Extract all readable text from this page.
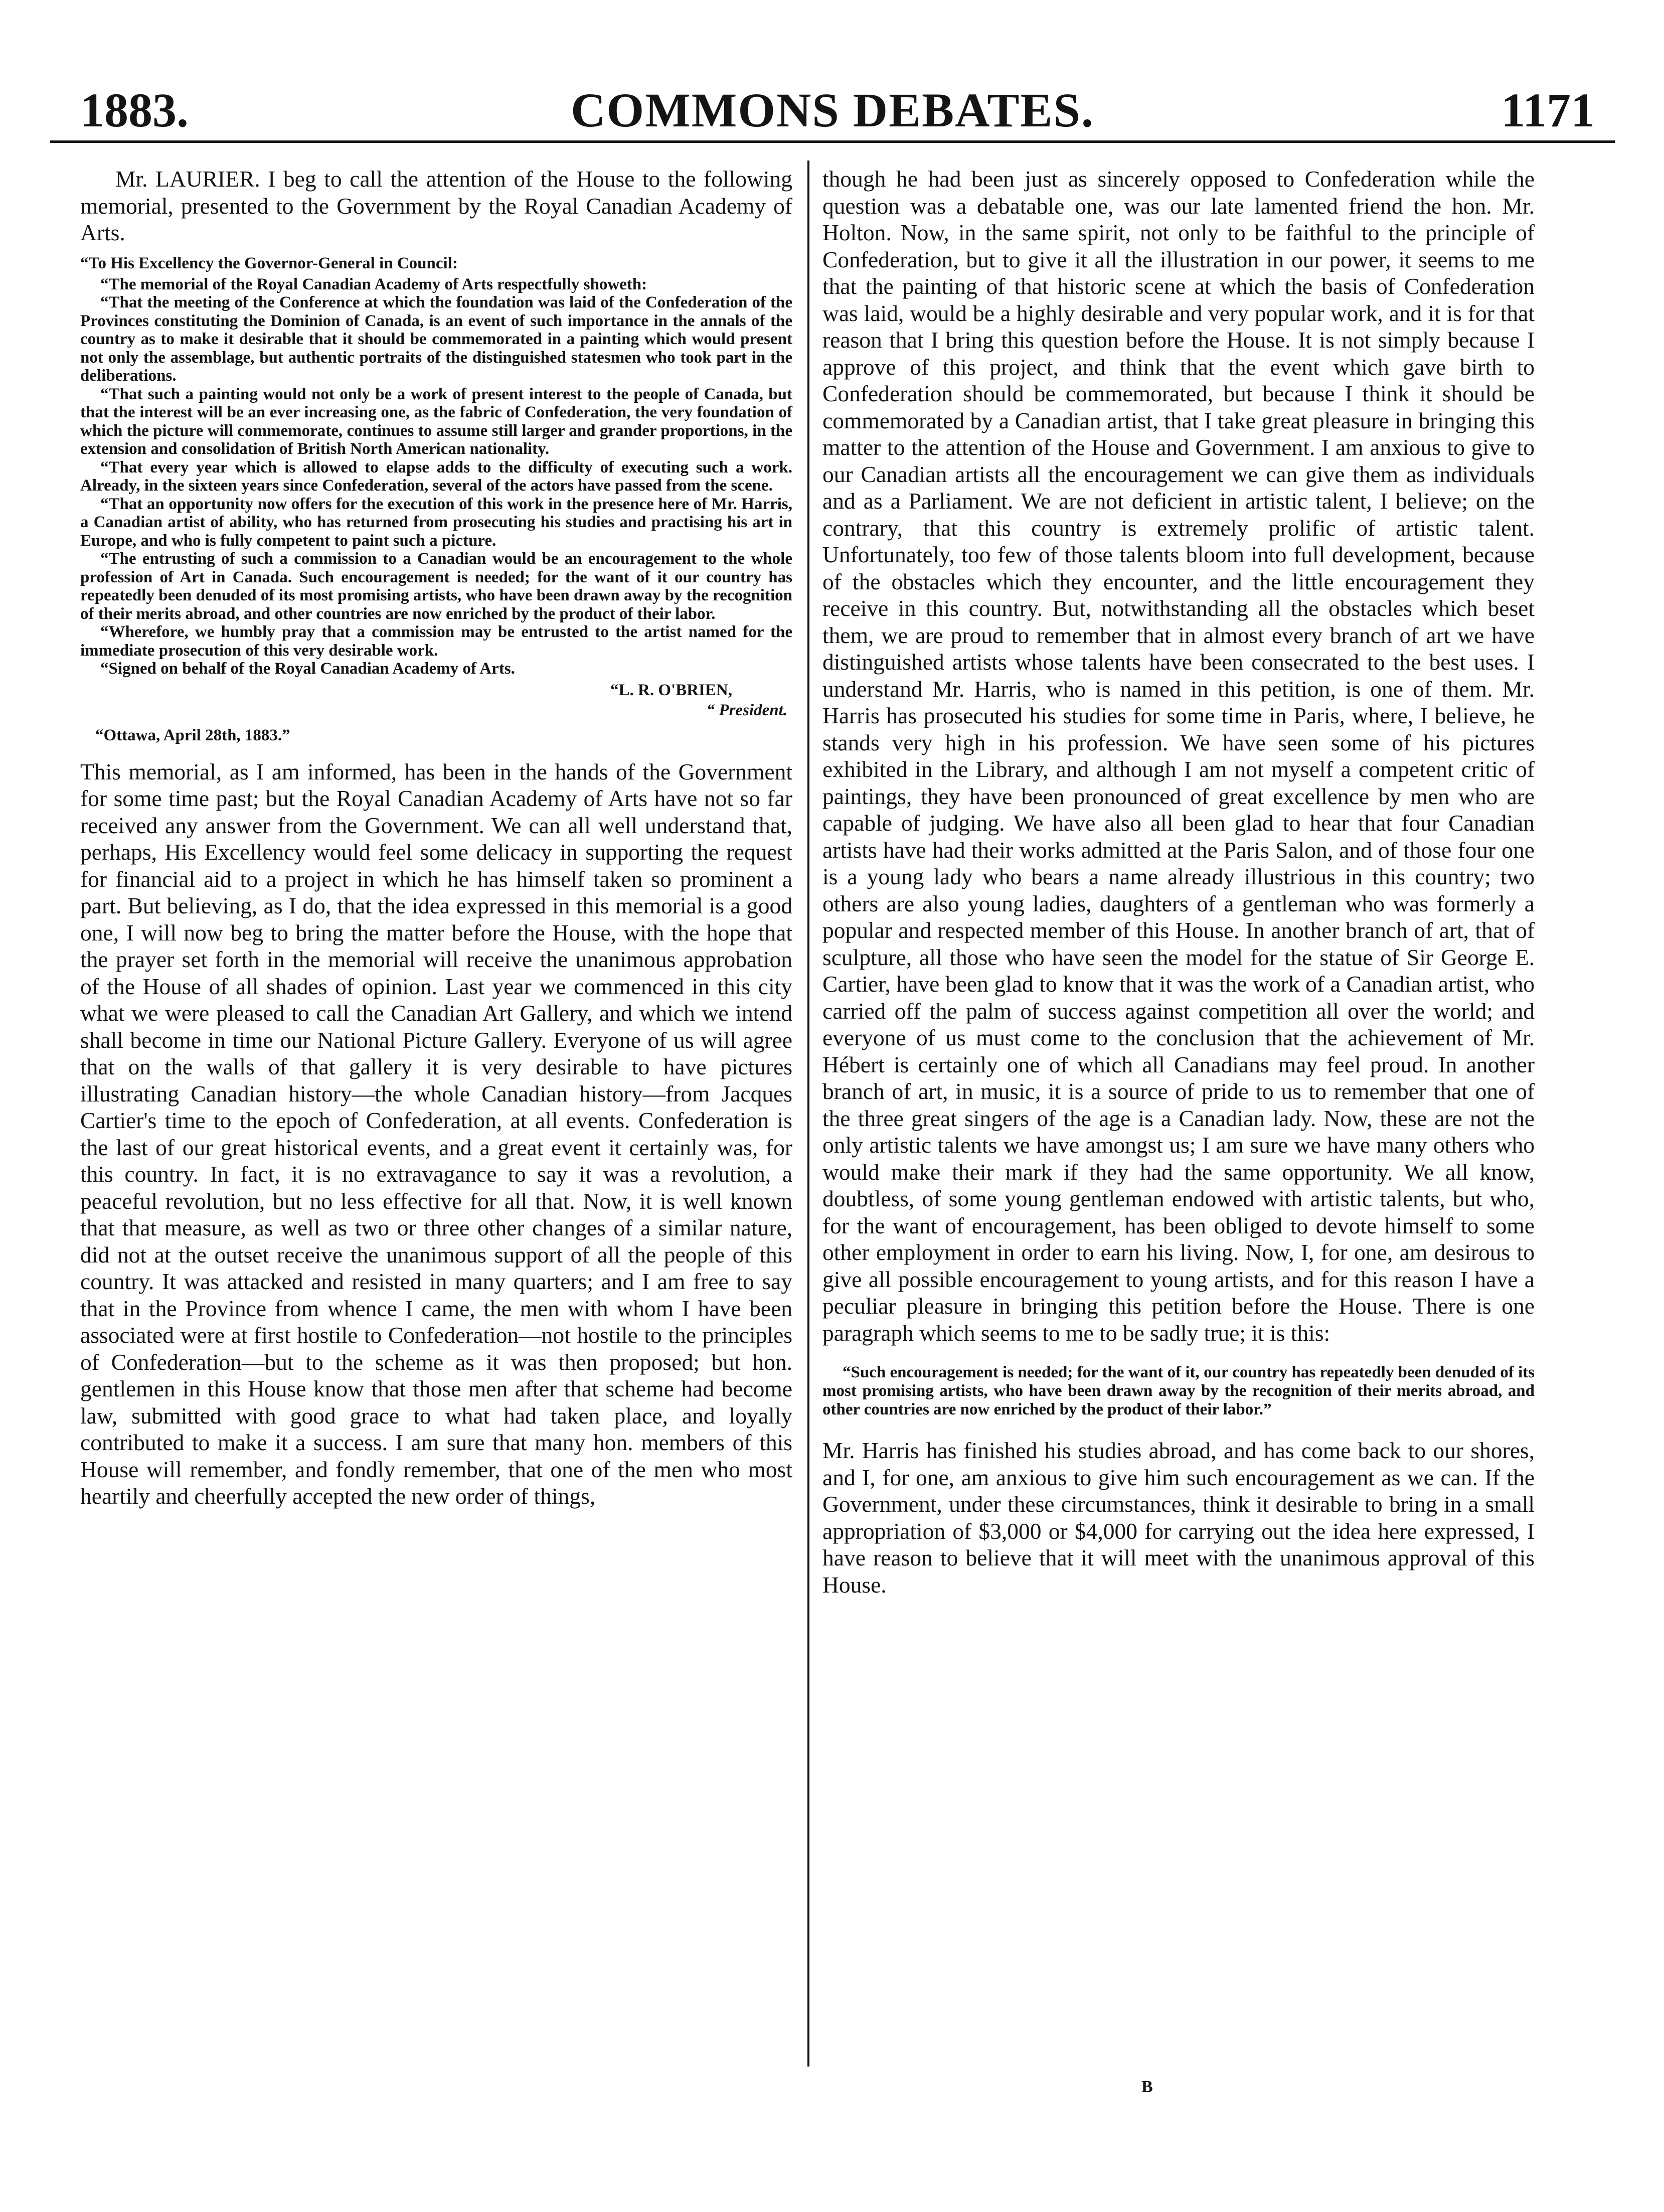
COMMONS DEBATES.
1883.	1171

Mr. LAURIER. I beg to call the attention of the House to the following memorial, presented to the Government by the Royal Canadian Academy of Arts.

“To His Excellency the Governor-General in Council:

“The memorial of the Royal Canadian Academy of Arts respectfully showeth:

“That the meeting of the Conference at which the foundation was laid of the Confederation of the Provinces constituting the Dominion of Canada, is an event of such importance in the annals of the country as to make it desirable that it should be commemorated in a painting which would present not only the assemblage, but authentic portraits of the distinguished statesmen who took part in the deliberations.

“That such a painting would not only be a work of present interest to the people of Canada, but that the interest will be an ever increasing one, as the fabric of Confederation, the very foundation of which the picture will commemorate, continues to assume still larger and grander proportions, in the extension and consolidation of British North American nationality.

“That every year which is allowed to elapse adds to the difficulty of executing such a work. Already, in the sixteen years since Confederation, several of the actors have passed from the scene.

“That an opportunity now offers for the execution of this work in the presence here of Mr. Harris, a Canadian artist of ability, who has returned from prosecuting his studies and practising his art in Europe, and who is fully competent to paint such a picture.

“The entrusting of such a commission to a Canadian would be an encouragement to the whole profession of Art in Canada. Such encouragement is needed; for the want of it our country has repeatedly been denuded of its most promising artists, who have been drawn away by the recognition of their merits abroad, and other countries are now enriched by the product of their labor.

“Wherefore, we humbly pray that a commission may be entrusted to the artist named for the immediate prosecution of this very desirable work.

“Signed on behalf of the Royal Canadian Academy of Arts.

“L. R. O'BRIEN,

“ President.

“Ottawa, April 28th, 1883.”

This memorial, as I am informed, has been in the hands of the Government for some time past; but the Royal Canadian Academy of Arts have not so far received any answer from the Government. We can all well understand that, perhaps, His Excellency would feel some delicacy in supporting the request for financial aid to a project in which he has himself taken so prominent a part. But believing, as I do, that the idea expressed in this memorial is a good one, I will now beg to bring the matter before the House, with the hope that the prayer set forth in the memorial will receive the unanimous approbation of the House of all shades of opinion. Last year we commenced in this city what we were pleased to call the Canadian Art Gallery, and which we intend shall become in time our National Picture Gallery. Everyone of us will agree that on the walls of that gallery it is very desirable to have pictures illustrating Canadian history—the whole Canadian history—from Jacques Cartier's time to the epoch of Confederation, at all events. Confederation is the last of our great historical events, and a great event it certainly was, for this country. In fact, it is no extravagance to say it was a revolution, a peaceful revolution, but no less effective for all that. Now, it is well known that that measure, as well as two or three other changes of a similar nature, did not at the outset receive the unanimous support of all the people of this country. It was attacked and resisted in many quarters; and I am free to say that in the Province from whence I came, the men with whom I have been associated were at first hostile to Confederation—not hostile to the principles of Confederation—but to the scheme as it was then proposed; but hon. gentlemen in this House know that those men after that scheme had become law, submitted with good grace to what had taken place, and loyally contributed to make it a success. I am sure that many hon. members of this House will remember, and fondly remember, that one of the men who most heartily and cheerfully accepted the new order of things,

though he had been just as sincerely opposed to Confederation while the question was a debatable one, was our late lamented friend the hon. Mr. Holton. Now, in the same spirit, not only to be faithful to the principle of Confederation, but to give it all the illustration in our power, it seems to me that the painting of that historic scene at which the basis of Confederation was laid, would be a highly desirable and very popular work, and it is for that reason that I bring this question before the House. It is not simply because I approve of this project, and think that the event which gave birth to Confederation should be commemorated, but because I think it should be commemorated by a Canadian artist, that I take great pleasure in bringing this matter to the attention of the House and Government. I am anxious to give to our Canadian artists all the encouragement we can give them as individuals and as a Parliament. We are not deficient in artistic talent, I believe; on the contrary, that this country is extremely prolific of artistic talent. Unfortunately, too few of those talents bloom into full development, because of the obstacles which they encounter, and the little encouragement they receive in this country. But, notwithstanding all the obstacles which beset them, we are proud to remember that in almost every branch of art we have distinguished artists whose talents have been consecrated to the best uses. I understand Mr. Harris, who is named in this petition, is one of them. Mr. Harris has prosecuted his studies for some time in Paris, where, I believe, he stands very high in his profession. We have seen some of his pictures exhibited in the Library, and although I am not myself a competent critic of paintings, they have been pronounced of great excellence by men who are capable of judging. We have also all been glad to hear that four Canadian artists have had their works admitted at the Paris Salon, and of those four one is a young lady who bears a name already illustrious in this country; two others are also young ladies, daughters of a gentleman who was formerly a popular and respected member of this House. In another branch of art, that of sculpture, all those who have seen the model for the statue of Sir George E. Cartier, have been glad to know that it was the work of a Canadian artist, who carried off the palm of success against competition all over the world; and everyone of us must come to the conclusion that the achievement of Mr. Hébert is certainly one of which all Canadians may feel proud. In another branch of art, in music, it is a source of pride to us to remember that one of the three great singers of the age is a Canadian lady. Now, these are not the only artistic talents we have amongst us; I am sure we have many others who would make their mark if they had the same opportunity. We all know, doubtless, of some young gentleman endowed with artistic talents, but who, for the want of encouragement, has been obliged to devote himself to some other employment in order to earn his living. Now, I, for one, am desirous to give all possible encouragement to young artists, and for this reason I have a peculiar pleasure in bringing this petition before the House. There is one paragraph which seems to me to be sadly true; it is this:

“Such encouragement is needed; for the want of it, our country has repeatedly been denuded of its most promising artists, who have been drawn away by the recognition of their merits abroad, and other countries are now enriched by the product of their labor.”

Mr. Harris has finished his studies abroad, and has come back to our shores, and I, for one, am anxious to give him such encouragement as we can. If the Government, under these circumstances, think it desirable to bring in a small appropriation of $3,000 or $4,000 for carrying out the idea here expressed, I have reason to believe that it will meet with the unanimous approval of this House.

B
